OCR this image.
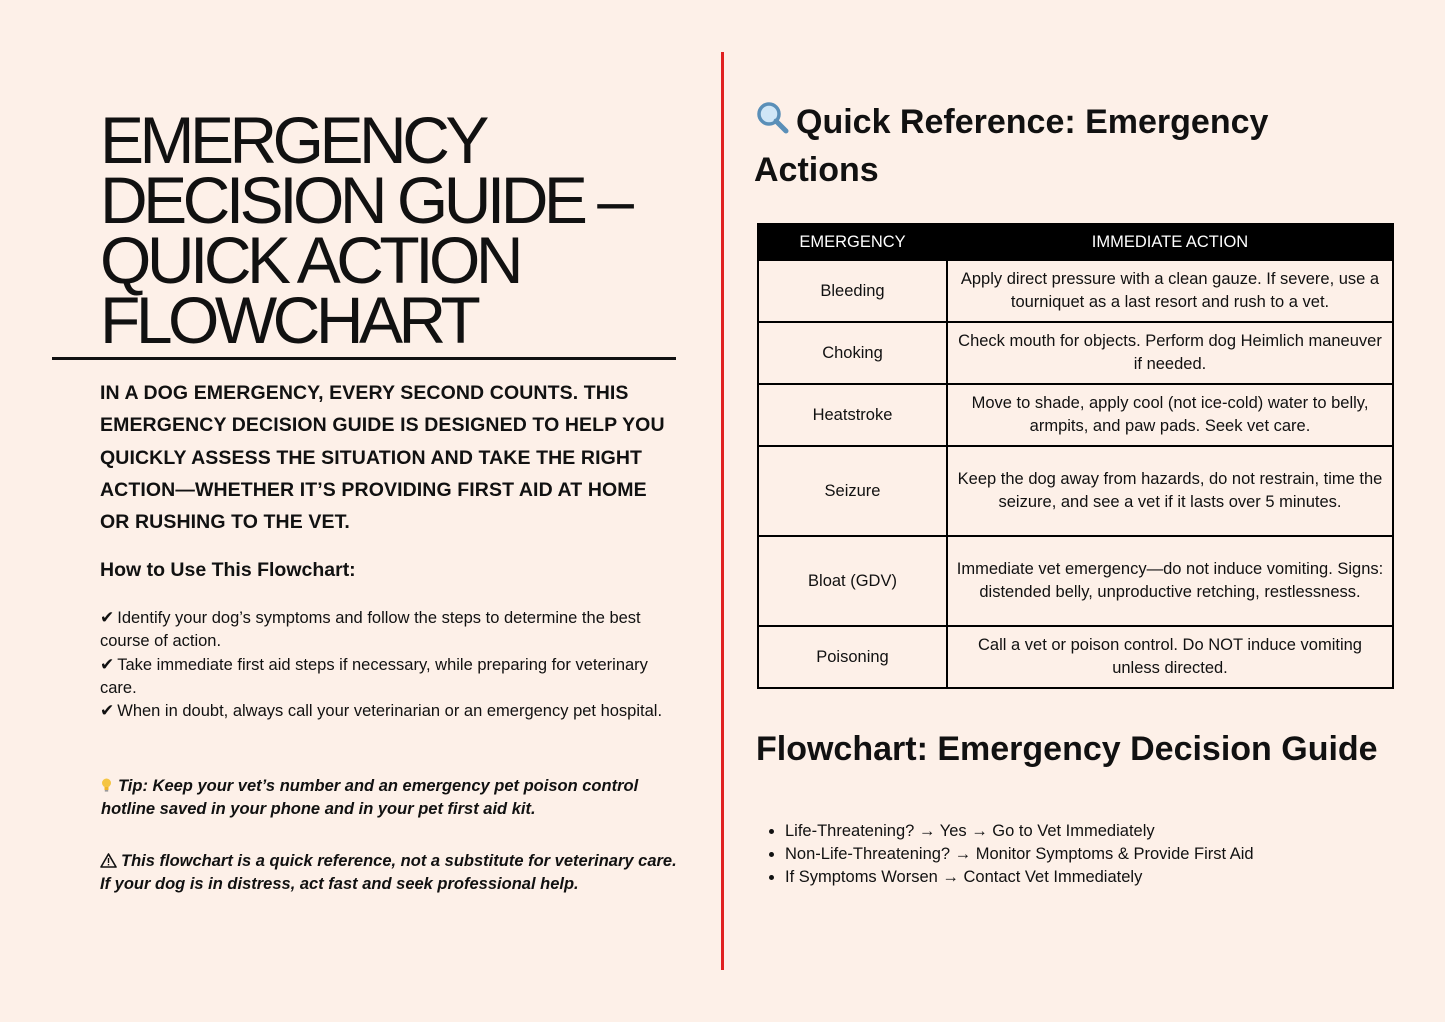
EMERGENCY DECISION GUIDE – QUICK ACTION FLOWCHART

IN A DOG EMERGENCY, EVERY SECOND COUNTS. THIS EMERGENCY DECISION GUIDE IS DESIGNED TO HELP YOU QUICKLY ASSESS THE SITUATION AND TAKE THE RIGHT ACTION—WHETHER IT’S PROVIDING FIRST AID AT HOME OR RUSHING TO THE VET.

How to Use This Flowchart:

✔ Identify your dog’s symptoms and follow the steps to determine the best course of action.
✔ Take immediate first aid steps if necessary, while preparing for veterinary care.
✔ When in doubt, always call your veterinarian or an emergency pet hospital.

Tip: Keep your vet’s number and an emergency pet poison control hotline saved in your phone and in your pet first aid kit.

This flowchart is a quick reference, not a substitute for veterinary care. If your dog is in distress, act fast and seek professional help.

Quick Reference: Emergency Actions
EMERGENCY	IMMEDIATE ACTION
Bleeding	Apply direct pressure with a clean gauze. If severe, use a tourniquet as a last resort and rush to a vet.
Choking	Check mouth for objects. Perform dog Heimlich maneuver if needed.
Heatstroke	Move to shade, apply cool (not ice-cold) water to belly, armpits, and paw pads. Seek vet care.
Seizure	Keep the dog away from hazards, do not restrain, time the seizure, and see a vet if it lasts over 5 minutes.
Bloat (GDV)	Immediate vet emergency—do not induce vomiting. Signs: distended belly, unproductive retching, restlessness.
Poisoning	Call a vet or poison control. Do NOT induce vomiting unless directed.
Flowchart: Emergency Decision Guide
• Life-Threatening? → Yes → Go to Vet Immediately
• Non-Life-Threatening? → Monitor Symptoms & Provide First Aid
• If Symptoms Worsen → Contact Vet Immediately
